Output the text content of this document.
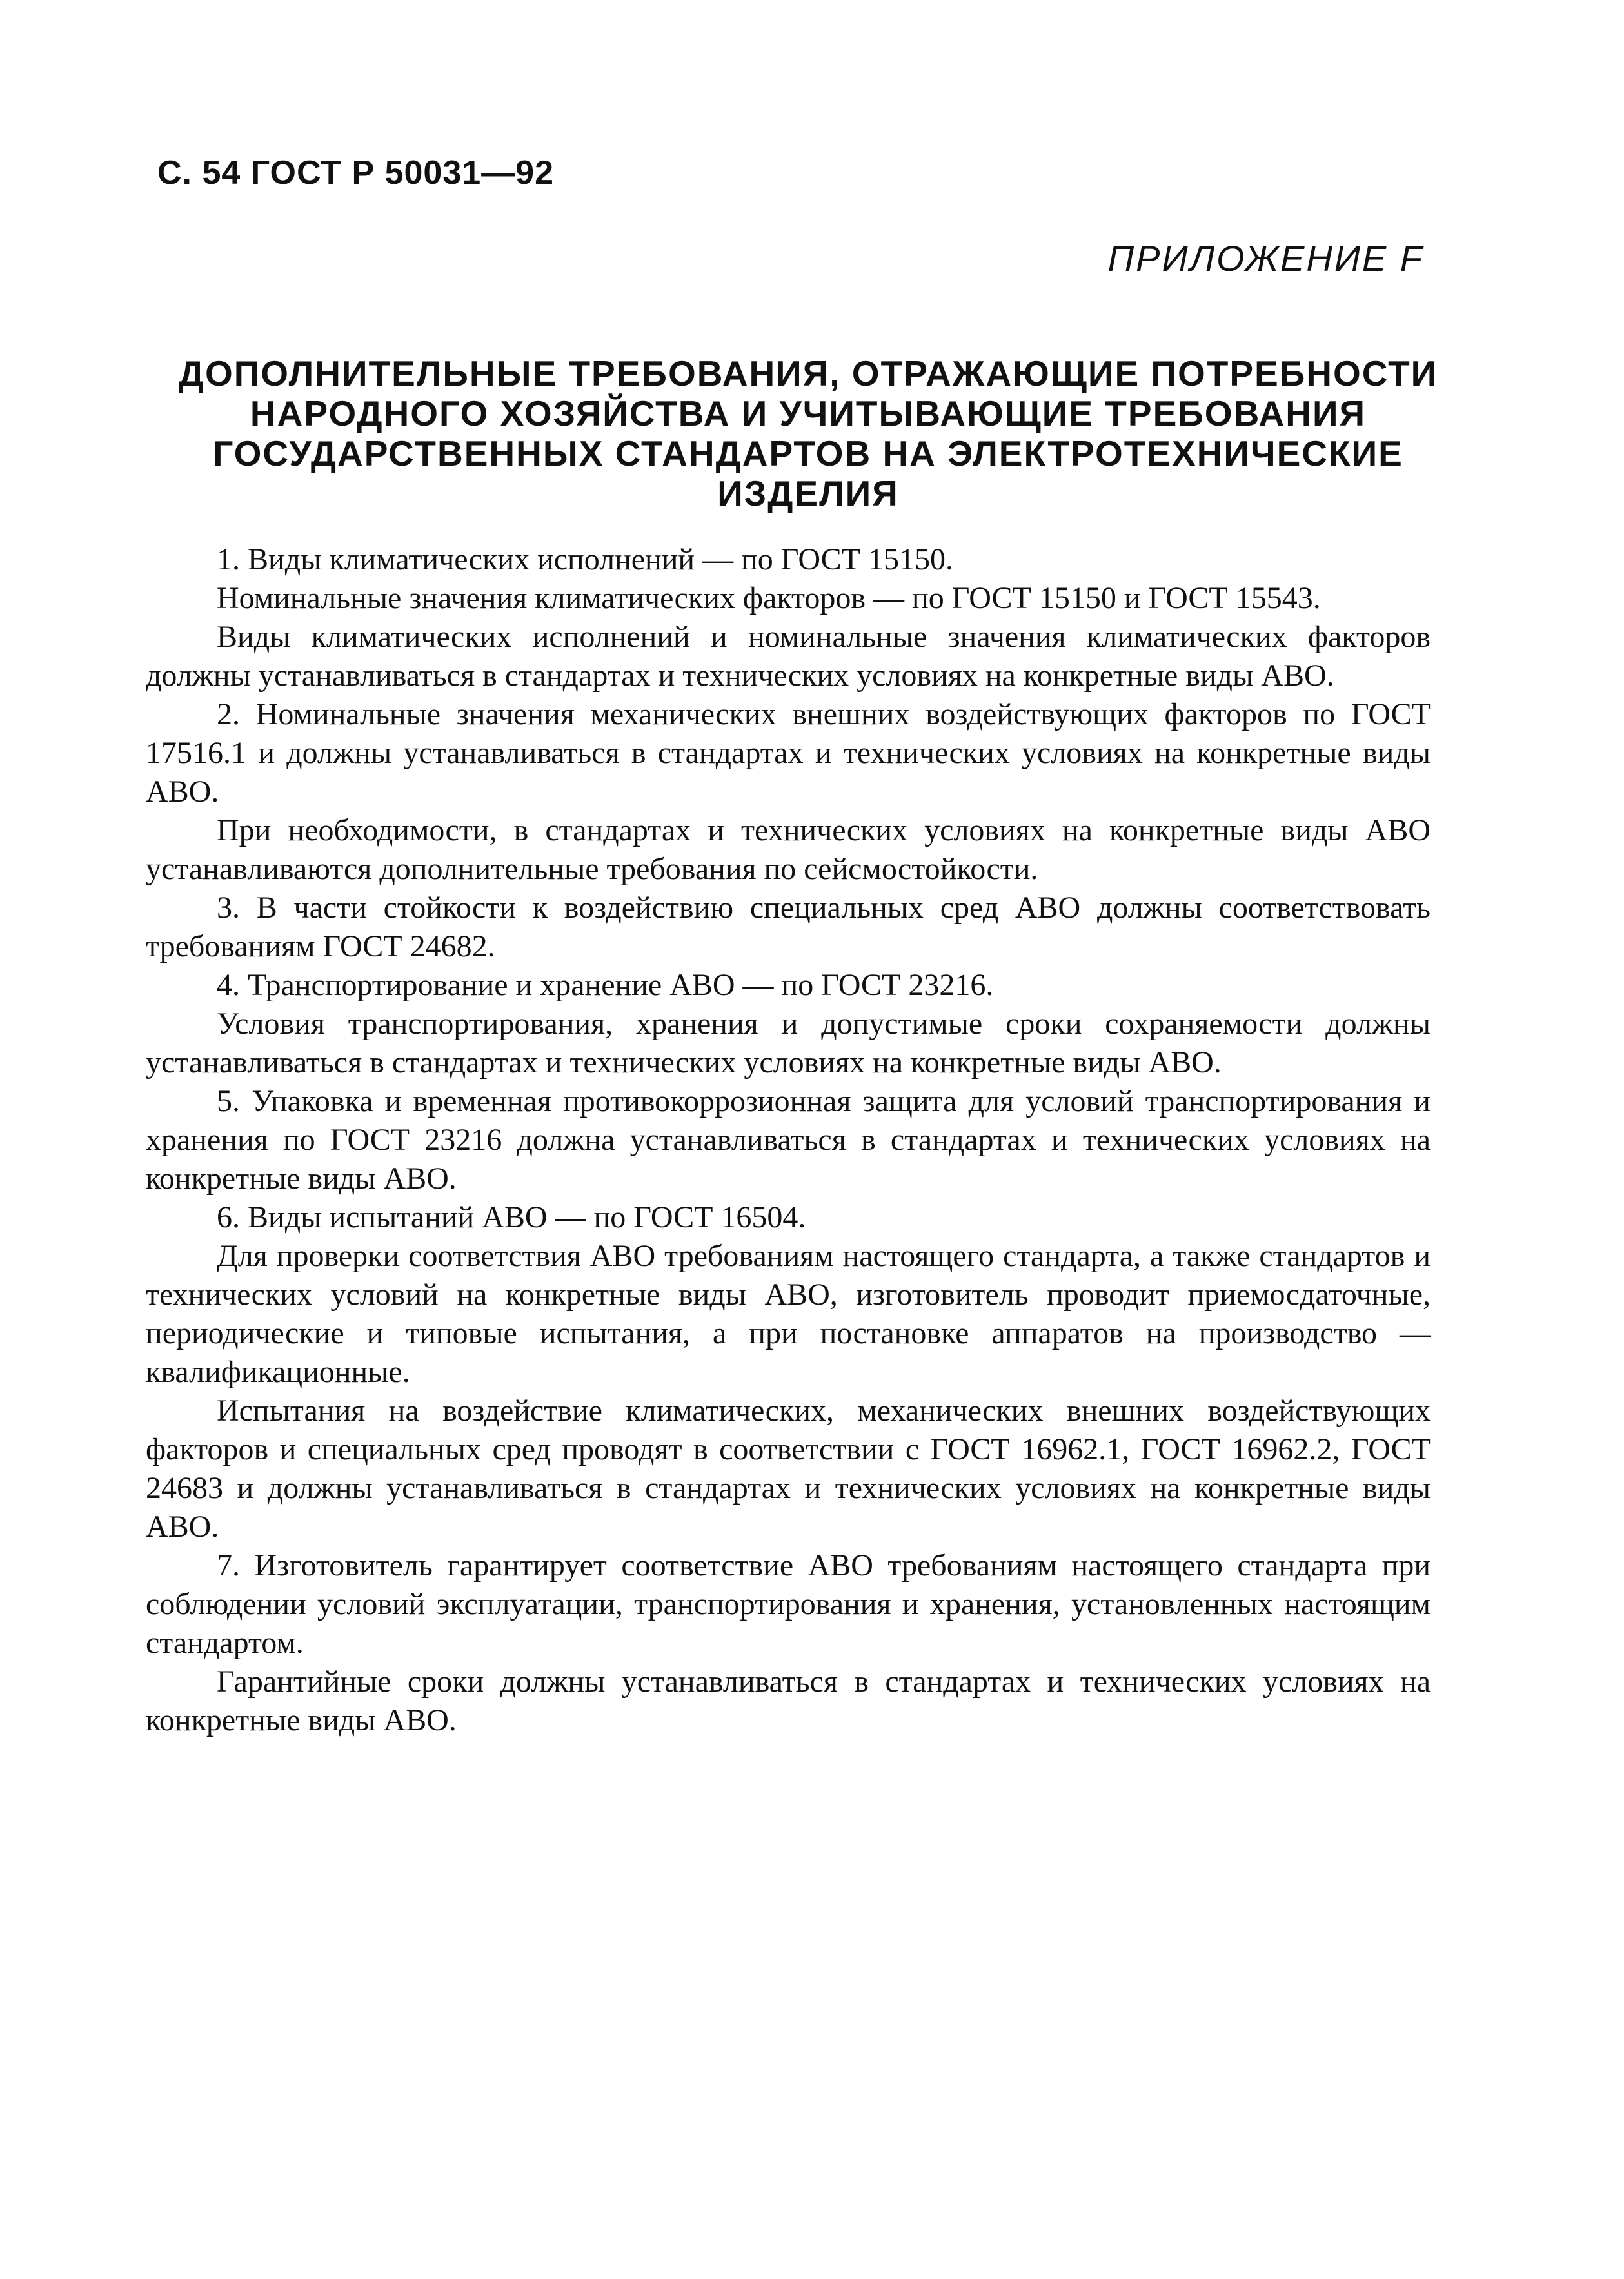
С. 54 ГОСТ Р 50031—92
ПРИЛОЖЕНИЕ F
ДОПОЛНИТЕЛЬНЫЕ ТРЕБОВАНИЯ, ОТРАЖАЮЩИЕ ПОТРЕБНОСТИ
НАРОДНОГО ХОЗЯЙСТВА И УЧИТЫВАЮЩИЕ ТРЕБОВАНИЯ
ГОСУДАРСТВЕННЫХ СТАНДАРТОВ НА ЭЛЕКТРОТЕХНИЧЕСКИЕ
ИЗДЕЛИЯ

1. Виды климатических исполнений — по ГОСТ 15150.

Номинальные значения климатических факторов — по ГОСТ 15150 и ГОСТ 15543.

Виды климатических исполнений и номинальные значения климатических факторов должны устанавливаться в стандартах и технических условиях на конкретные виды АВО.

2. Номинальные значения механических внешних воздействующих факторов по ГОСТ 17516.1 и должны устанавливаться в стандартах и технических условиях на конкретные виды АВО.

При необходимости, в стандартах и технических условиях на конкретные виды АВО устанавливаются дополнительные требования по сейсмостойкости.

3. В части стойкости к воздействию специальных сред АВО должны соответствовать требованиям ГОСТ 24682.

4. Транспортирование и хранение АВО — по ГОСТ 23216.

Условия транспортирования, хранения и допустимые сроки сохраняемости должны устанавливаться в стандартах и технических условиях на конкретные виды АВО.

5. Упаковка и временная противокоррозионная защита для условий транспортирования и хранения по ГОСТ 23216 должна устанавливаться в стандартах и технических условиях на конкретные виды АВО.

6. Виды испытаний АВО — по ГОСТ 16504.

Для проверки соответствия АВО требованиям настоящего стандарта, а также стандартов и технических условий на конкретные виды АВО, изготовитель проводит приемосдаточные, периодические и типовые испытания, а при постановке аппаратов на производство — квалификационные.

Испытания на воздействие климатических, механических внешних воздействующих факторов и специальных сред проводят в соответствии с ГОСТ 16962.1, ГОСТ 16962.2, ГОСТ 24683 и должны устанавливаться в стандартах и технических условиях на конкретные виды АВО.

7. Изготовитель гарантирует соответствие АВО требованиям настоящего стандарта при соблюдении условий эксплуатации, транспортирования и хранения, установленных настоящим стандартом.

Гарантийные сроки должны устанавливаться в стандартах и технических условиях на конкретные виды АВО.
